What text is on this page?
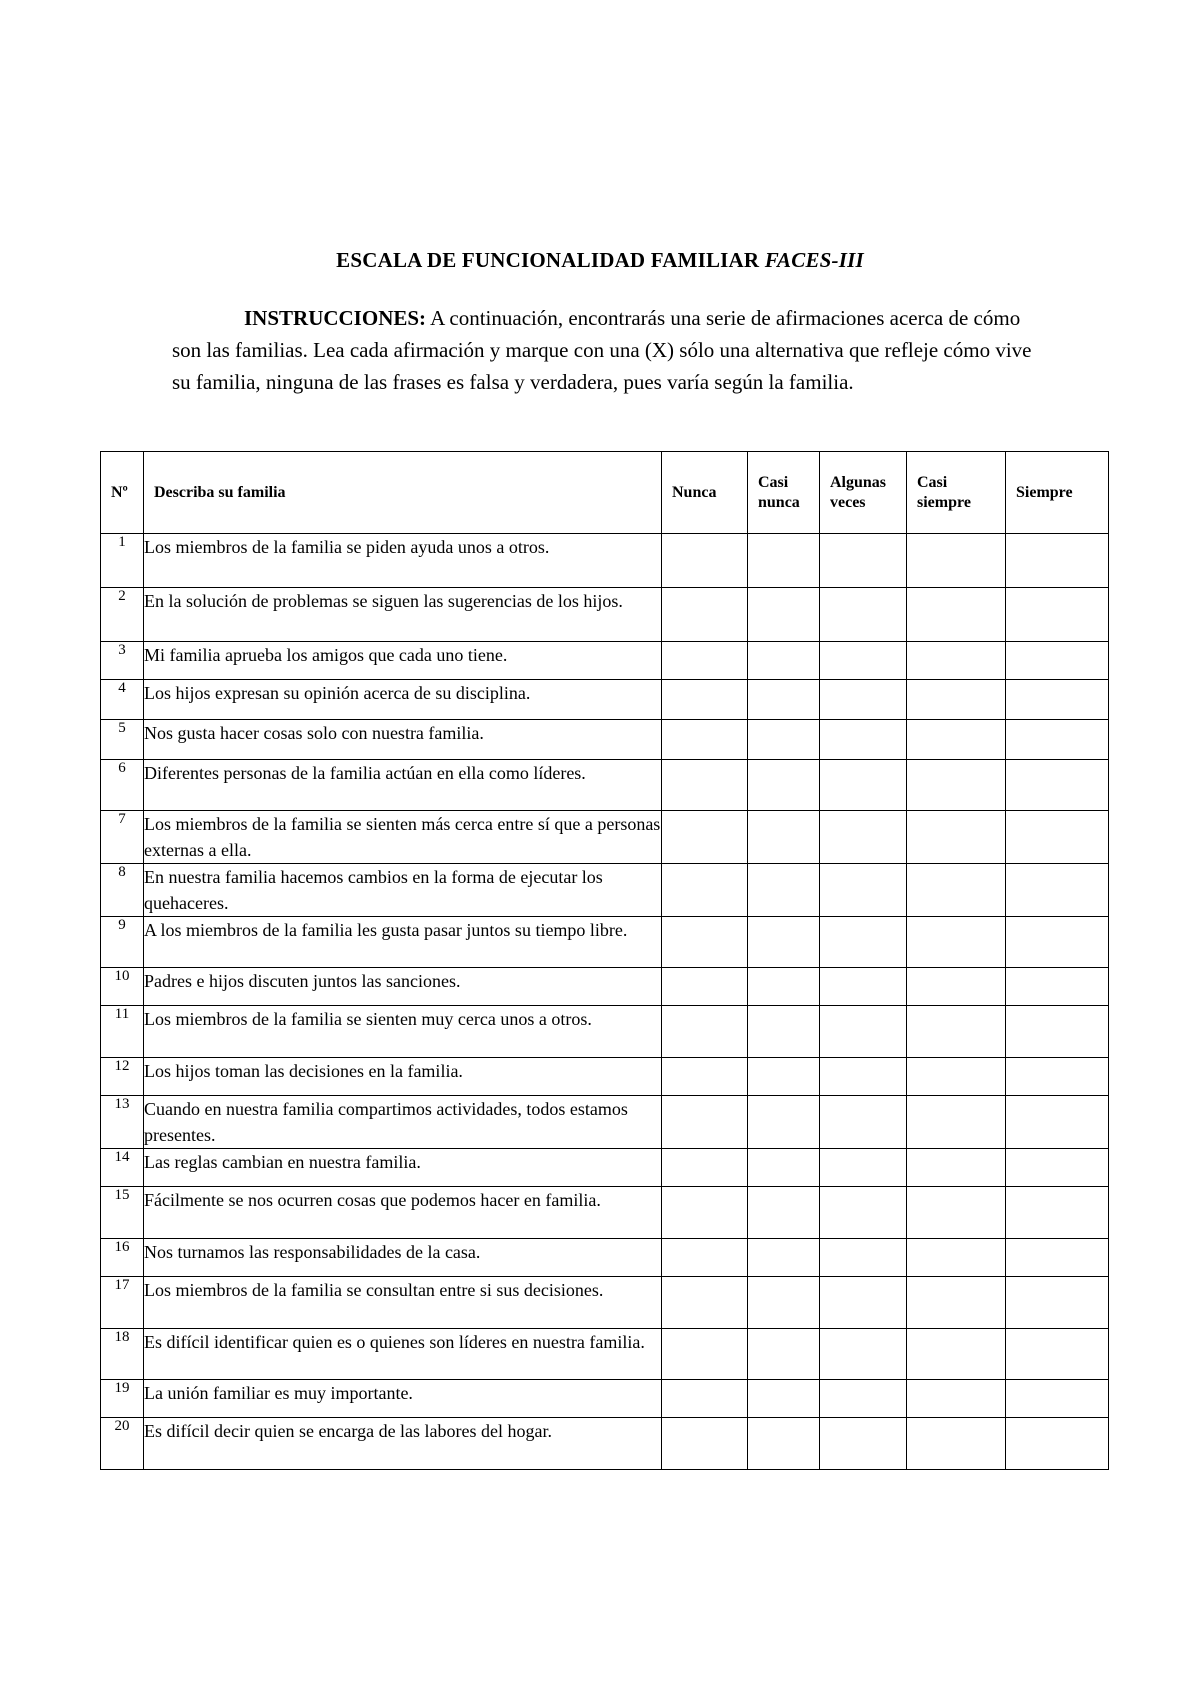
ESCALA DE FUNCIONALIDAD FAMILIAR FACES-III
INSTRUCCIONES: A continuación, encontrarás una serie de afirmaciones acerca de cómo son las familias. Lea cada afirmación y marque con una (X) sólo una alternativa que refleje cómo vive su familia, ninguna de las frases es falsa y verdadera, pues varía según la familia.
Nº	Describa su familia	Nunca	Casi nunca	Algunas veces	Casi siempre	Siempre
1	Los miembros de la familia se piden ayuda unos a otros.					
2	En la solución de problemas se siguen las sugerencias de los hijos.					
3	Mi familia aprueba los amigos que cada uno tiene.					
4	Los hijos expresan su opinión acerca de su disciplina.					
5	Nos gusta hacer cosas solo con nuestra familia.					
6	Diferentes personas de la familia actúan en ella como líderes.					
7	Los miembros de la familia se sienten más cerca entre sí que a personas externas a ella.					
8	En nuestra familia hacemos cambios en la forma de ejecutar los quehaceres.					
9	A los miembros de la familia les gusta pasar juntos su tiempo libre.					
10	Padres e hijos discuten juntos las sanciones.					
11	Los miembros de la familia se sienten muy cerca unos a otros.					
12	Los hijos toman las decisiones en la familia.					
13	Cuando en nuestra familia compartimos actividades, todos estamos presentes.					
14	Las reglas cambian en nuestra familia.					
15	Fácilmente se nos ocurren cosas que podemos hacer en familia.					
16	Nos turnamos las responsabilidades de la casa.					
17	Los miembros de la familia se consultan entre si sus decisiones.					
18	Es difícil identificar quien es o quienes son líderes en nuestra familia.					
19	La unión familiar es muy importante.					
20	Es difícil decir quien se encarga de las labores del hogar.					
